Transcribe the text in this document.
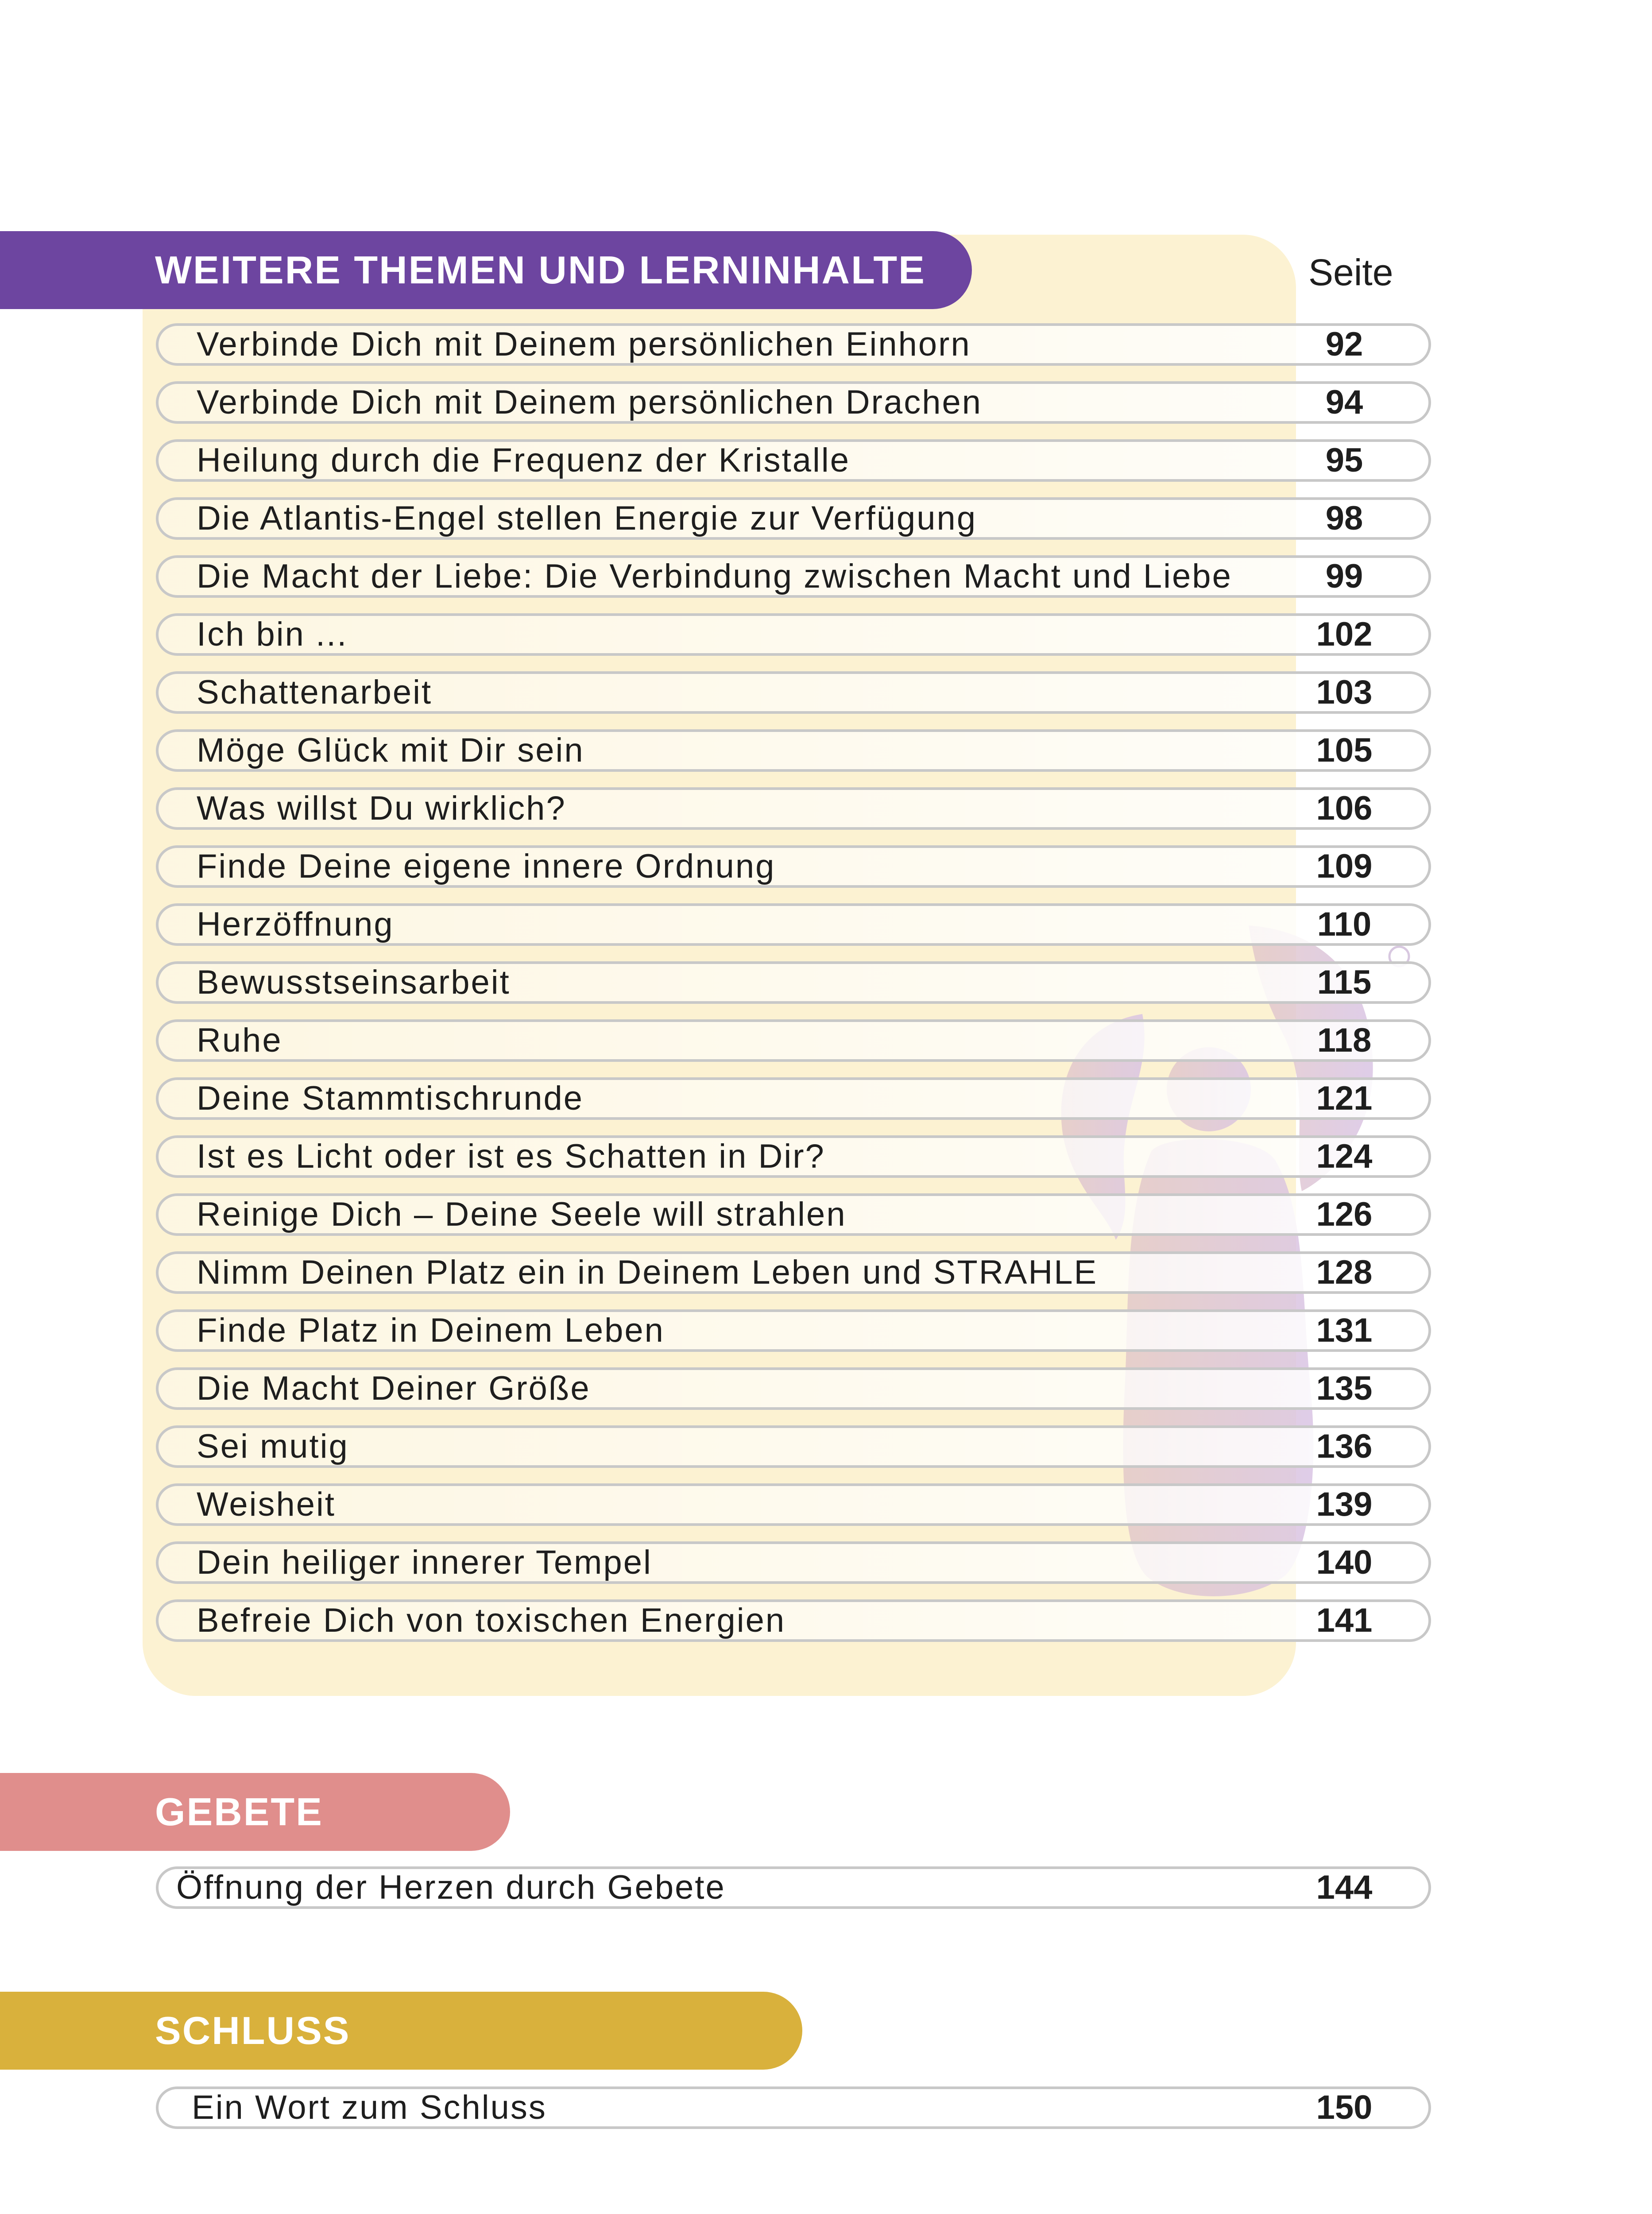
WEITERE THEMEN UND LERNINHALTE	Seite
Verbinde Dich mit Deinem persönlichen Einhorn	92
Verbinde Dich mit Deinem persönlichen Drachen	94
Heilung durch die Frequenz der Kristalle	95
Die Atlantis-Engel stellen Energie zur Verfügung	98
Die Macht der Liebe: Die Verbindung zwischen Macht und Liebe	99
Ich bin ...	102
Schattenarbeit	103
Möge Glück mit Dir sein	105
Was willst Du wirklich?	106
Finde Deine eigene innere Ordnung	109
Herzöffnung	110
Bewusstseinsarbeit	115
Ruhe	118
Deine Stammtischrunde	121
Ist es Licht oder ist es Schatten in Dir?	124
Reinige Dich – Deine Seele will strahlen	126
Nimm Deinen Platz ein in Deinem Leben und STRAHLE	128
Finde Platz in Deinem Leben	131
Die Macht Deiner Größe	135
Sei mutig	136
Weisheit	139
Dein heiliger innerer Tempel	140
Befreie Dich von toxischen Energien	141
GEBETE
Öffnung der Herzen durch Gebete	144
SCHLUSS
Ein Wort zum Schluss	150
